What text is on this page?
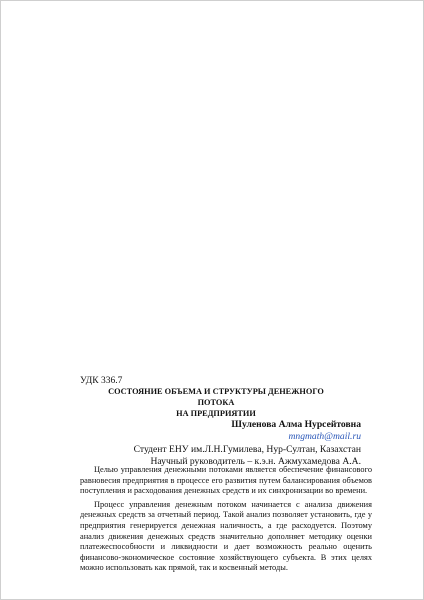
УДК 336.7
СОСТОЯНИЕ ОБЪЕМА И СТРУКТУРЫ ДЕНЕЖНОГО ПОТОКА
НА ПРЕДПРИЯТИИ
Шуленова Алма Нурсейтовна
mngmath@mail.ru
Студент ЕНУ им.Л.Н.Гумилева, Нур-Султан, Казахстан
Научный руководитель – к.э.н. Ажмухамедова А.А.

Целью управления денежными потоками является обеспечение финансового равновесия предприятия в процессе его развития путем балансирования объемов поступления и расходования денежных средств и их синхронизации во времени.

Процесс управления денежным потоком начинается с анализа движения денежных средств за отчетный период. Такой анализ позволяет установить, где у предприятия генерируется денежная наличность, а где расходуется. Поэтому анализ движения денежных средств значительно дополняет методику оценки платежеспособности и ликвидности и дает возможность реально оценить финансово-экономическое состояние хозяйствующего субъекта. В этих целях можно использовать как прямой, так и косвенный методы.
